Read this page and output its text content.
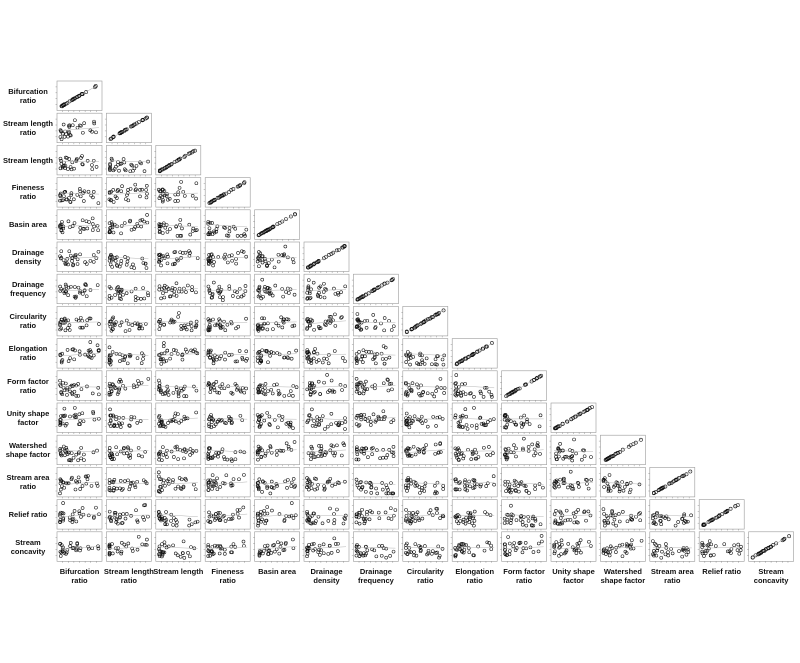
Bifurcation
ratio
Stream length
ratio
Stream length
Fineness
ratio
Basin area
Drainage
density
Drainage
frequency
Circularity
ratio
Elongation
ratio
Form factor
ratio
Unity shape
factor
Watershed
shape factor
Stream area
ratio
Relief ratio
Stream
concavity
Bifurcation
ratio
Stream length
ratio
Stream length	Fineness
ratio
Basin area	Drainage
density
Drainage
frequency
Circularity
ratio
Elongation
ratio
Form factor
ratio
Unity shape
factor
Watershed
shape factor
Stream area
ratio
Relief ratio	Stream
concavity
